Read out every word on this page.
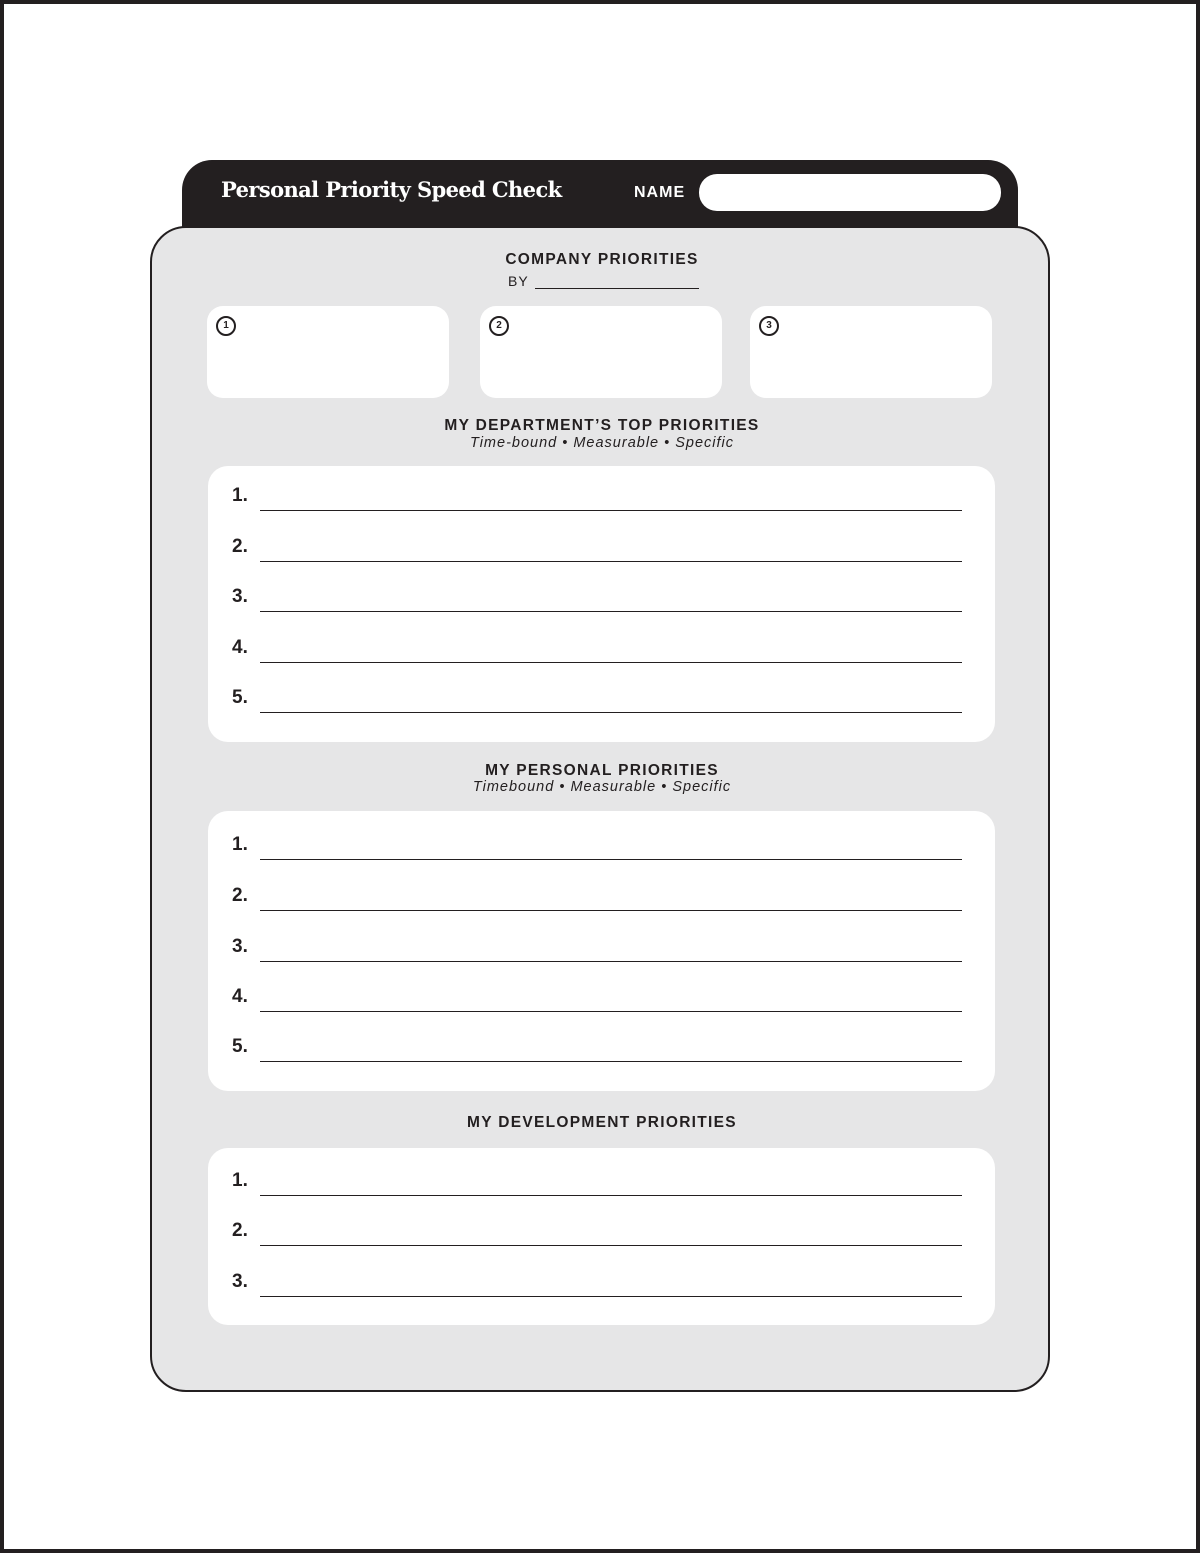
Personal Priority Speed Check	NAME
COMPANY PRIORITIES
BY
1	2	3
MY DEPARTMENT’S TOP PRIORITIES
Time-bound • Measurable • Specific
1.
2.
3.
4.
5.
MY PERSONAL PRIORITIES
Timebound • Measurable • Specific
1.
2.
3.
4.
5.
MY DEVELOPMENT PRIORITIES
1.
2.
3.
